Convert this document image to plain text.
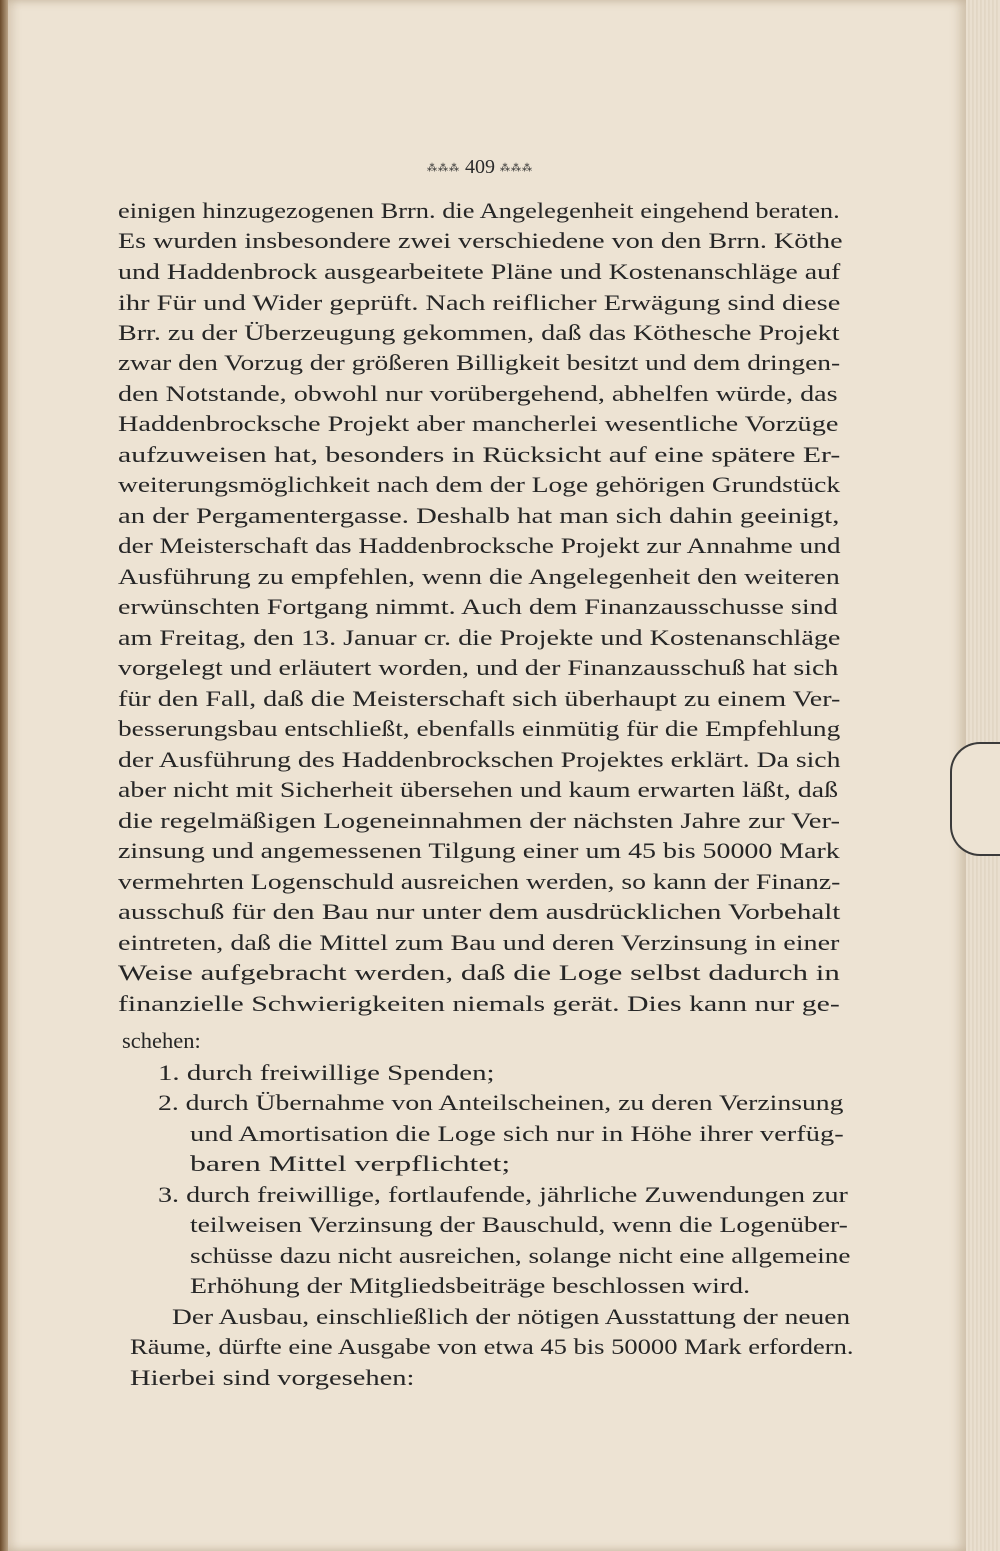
⁂⁂⁂ 409 ⁂⁂⁂
einigen hinzugezogenen Brrn. die Angelegenheit eingehend beraten.
Es wurden insbesondere zwei verschiedene von den Brrn. Köthe
und Haddenbrock ausgearbeitete Pläne und Kostenanschläge auf
ihr Für und Wider geprüft. Nach reiflicher Erwägung sind diese
Brr. zu der Überzeugung gekommen, daß das Köthesche Projekt
zwar den Vorzug der größeren Billigkeit besitzt und dem dringen-
den Notstande, obwohl nur vorübergehend, abhelfen würde, das
Haddenbrocksche Projekt aber mancherlei wesentliche Vorzüge
aufzuweisen hat, besonders in Rücksicht auf eine spätere Er-
weiterungsmöglichkeit nach dem der Loge gehörigen Grundstück
an der Pergamentergasse. Deshalb hat man sich dahin geeinigt,
der Meisterschaft das Haddenbrocksche Projekt zur Annahme und
Ausführung zu empfehlen, wenn die Angelegenheit den weiteren
erwünschten Fortgang nimmt. Auch dem Finanzausschusse sind
am Freitag, den 13. Januar cr. die Projekte und Kostenanschläge
vorgelegt und erläutert worden, und der Finanzausschuß hat sich
für den Fall, daß die Meisterschaft sich überhaupt zu einem Ver-
besserungsbau entschließt, ebenfalls einmütig für die Empfehlung
der Ausführung des Haddenbrockschen Projektes erklärt. Da sich
aber nicht mit Sicherheit übersehen und kaum erwarten läßt, daß
die regelmäßigen Logeneinnahmen der nächsten Jahre zur Ver-
zinsung und angemessenen Tilgung einer um 45 bis 50000 Mark
vermehrten Logenschuld ausreichen werden, so kann der Finanz-
ausschuß für den Bau nur unter dem ausdrücklichen Vorbehalt
eintreten, daß die Mittel zum Bau und deren Verzinsung in einer
Weise aufgebracht werden, daß die Loge selbst dadurch in
finanzielle Schwierigkeiten niemals gerät. Dies kann nur ge-
schehen:
1. durch freiwillige Spenden;
2. durch Übernahme von Anteilscheinen, zu deren Verzinsung
und Amortisation die Loge sich nur in Höhe ihrer verfüg-
baren Mittel verpflichtet;
3. durch freiwillige, fortlaufende, jährliche Zuwendungen zur
teilweisen Verzinsung der Bauschuld, wenn die Logenüber-
schüsse dazu nicht ausreichen, solange nicht eine allgemeine
Erhöhung der Mitgliedsbeiträge beschlossen wird.
Der Ausbau, einschließlich der nötigen Ausstattung der neuen
Räume, dürfte eine Ausgabe von etwa 45 bis 50000 Mark erfordern.
Hierbei sind vorgesehen:
